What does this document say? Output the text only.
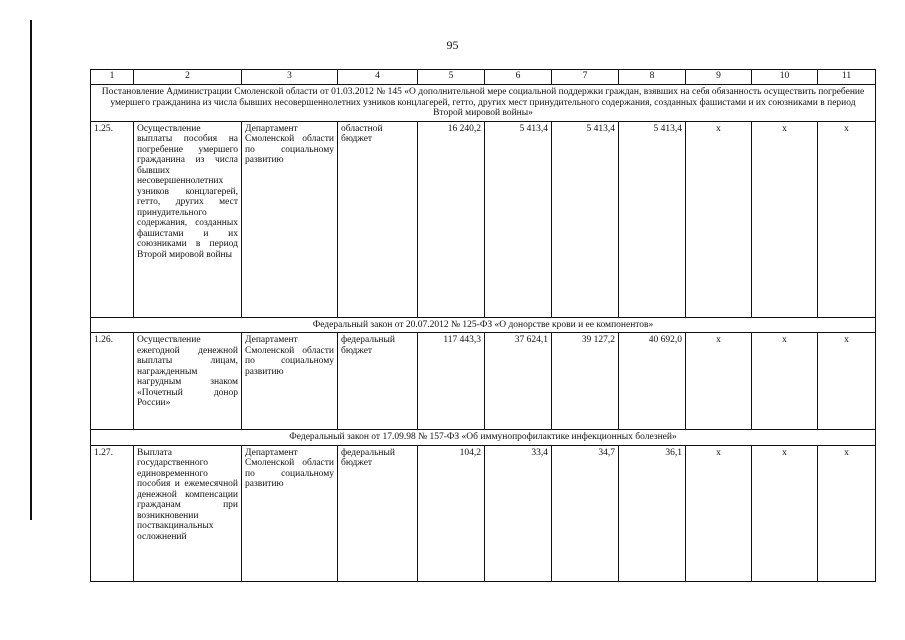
95
1	2	3	4	5	6	7	8	9	10	11
Постановление Администрации Смоленской области от 01.03.2012 № 145 «О дополнительной мере социальной поддержки граждан, взявших на себя обязанность осуществить погребение умершего гражданина из числа бывших несовершеннолетних узников концлагерей, гетто, других мест принудительного содержания, созданных фашистами и их союзниками в период Второй мировой войны»										
1.25.	Осуществление выплаты пособия на погребение умершего гражданина из числа бывших несовершеннолетних узников концлагерей, гетто, других мест принудительного содержания, созданных фашистами и их союзниками в период Второй мировой войны	Департамент Смоленской области по социальному развитию	областной бюджет	16 240,2	5 413,4	5 413,4	5 413,4	x	x	x
Федеральный закон от 20.07.2012 № 125-ФЗ «О донорстве крови и ее компонентов»										
1.26.	Осуществление ежегодной денежной выплаты лицам, награжденным нагрудным знаком «Почетный донор России»	Департамент Смоленской области по социальному развитию	федеральный бюджет	117 443,3	37 624,1	39 127,2	40 692,0	x	x	x
Федеральный закон от 17.09.98 № 157-ФЗ «Об иммунопрофилактике инфекционных болезней»										
1.27.	Выплата государственного единовременного пособия и ежемесячной денежной компенсации гражданам при возникновении поствакцинальных осложнений	Департамент Смоленской области по социальному развитию	федеральный бюджет	104,2	33,4	34,7	36,1	x	x	x
